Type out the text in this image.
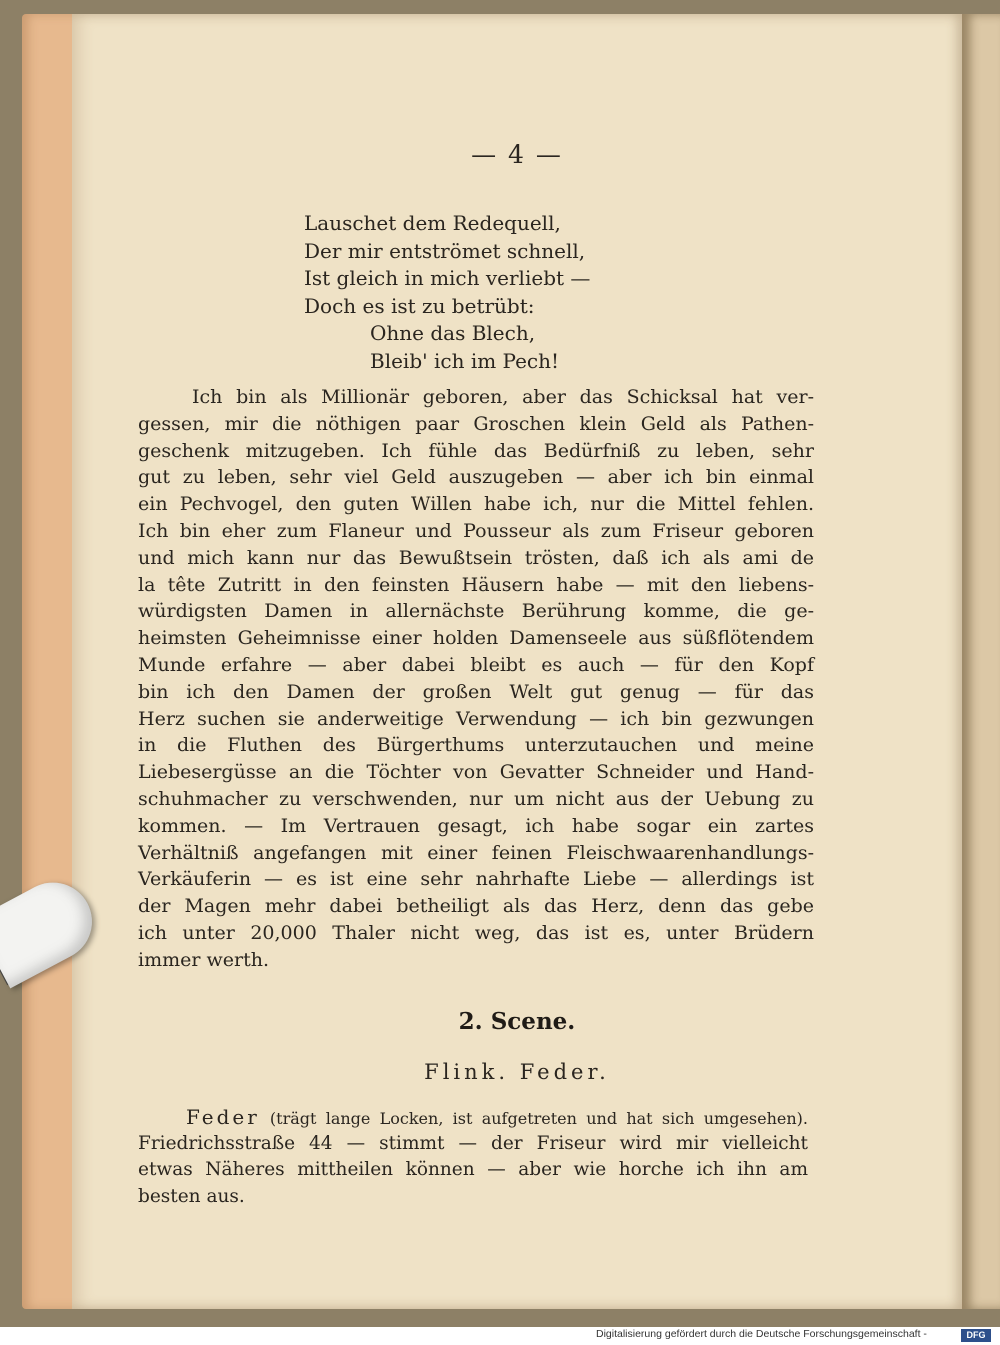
— 4 —
Lauschet dem Redequell,
Der mir entströmet schnell,
Ist gleich in mich verliebt —
Doch es ist zu betrübt:
Ohne das Blech,
Bleib' ich im Pech!
Ich bin als Millionär geboren, aber das Schicksal hat ver-
gessen, mir die nöthigen paar Groschen klein Geld als Pathen-
geschenk mitzugeben. Ich fühle das Bedürfniß zu leben, sehr
gut zu leben, sehr viel Geld auszugeben — aber ich bin einmal
ein Pechvogel, den guten Willen habe ich, nur die Mittel fehlen.
Ich bin eher zum Flaneur und Pousseur als zum Friseur geboren
und mich kann nur das Bewußtsein trösten, daß ich als ami de
la tête Zutritt in den feinsten Häusern habe — mit den liebens-
würdigsten Damen in allernächste Berührung komme, die ge-
heimsten Geheimnisse einer holden Damenseele aus süßflötendem
Munde erfahre — aber dabei bleibt es auch — für den Kopf
bin ich den Damen der großen Welt gut genug — für das
Herz suchen sie anderweitige Verwendung — ich bin gezwungen
in die Fluthen des Bürgerthums unterzutauchen und meine
Liebesergüsse an die Töchter von Gevatter Schneider und Hand-
schuhmacher zu verschwenden, nur um nicht aus der Uebung zu
kommen. — Im Vertrauen gesagt, ich habe sogar ein zartes
Verhältniß angefangen mit einer feinen Fleischwaarenhandlungs-
Verkäuferin — es ist eine sehr nahrhafte Liebe — allerdings ist
der Magen mehr dabei betheiligt als das Herz, denn das gebe
ich unter 20,000 Thaler nicht weg, das ist es, unter Brüdern
immer werth.
2. Scene.
Flink. Feder.
Feder (trägt lange Locken, ist aufgetreten und hat sich umgesehen).
Friedrichsstraße 44 — stimmt — der Friseur wird mir vielleicht
etwas Näheres mittheilen können — aber wie horche ich ihn am
besten aus.
Digitalisierung gefördert durch die Deutsche Forschungsgemeinschaft -	DFG
